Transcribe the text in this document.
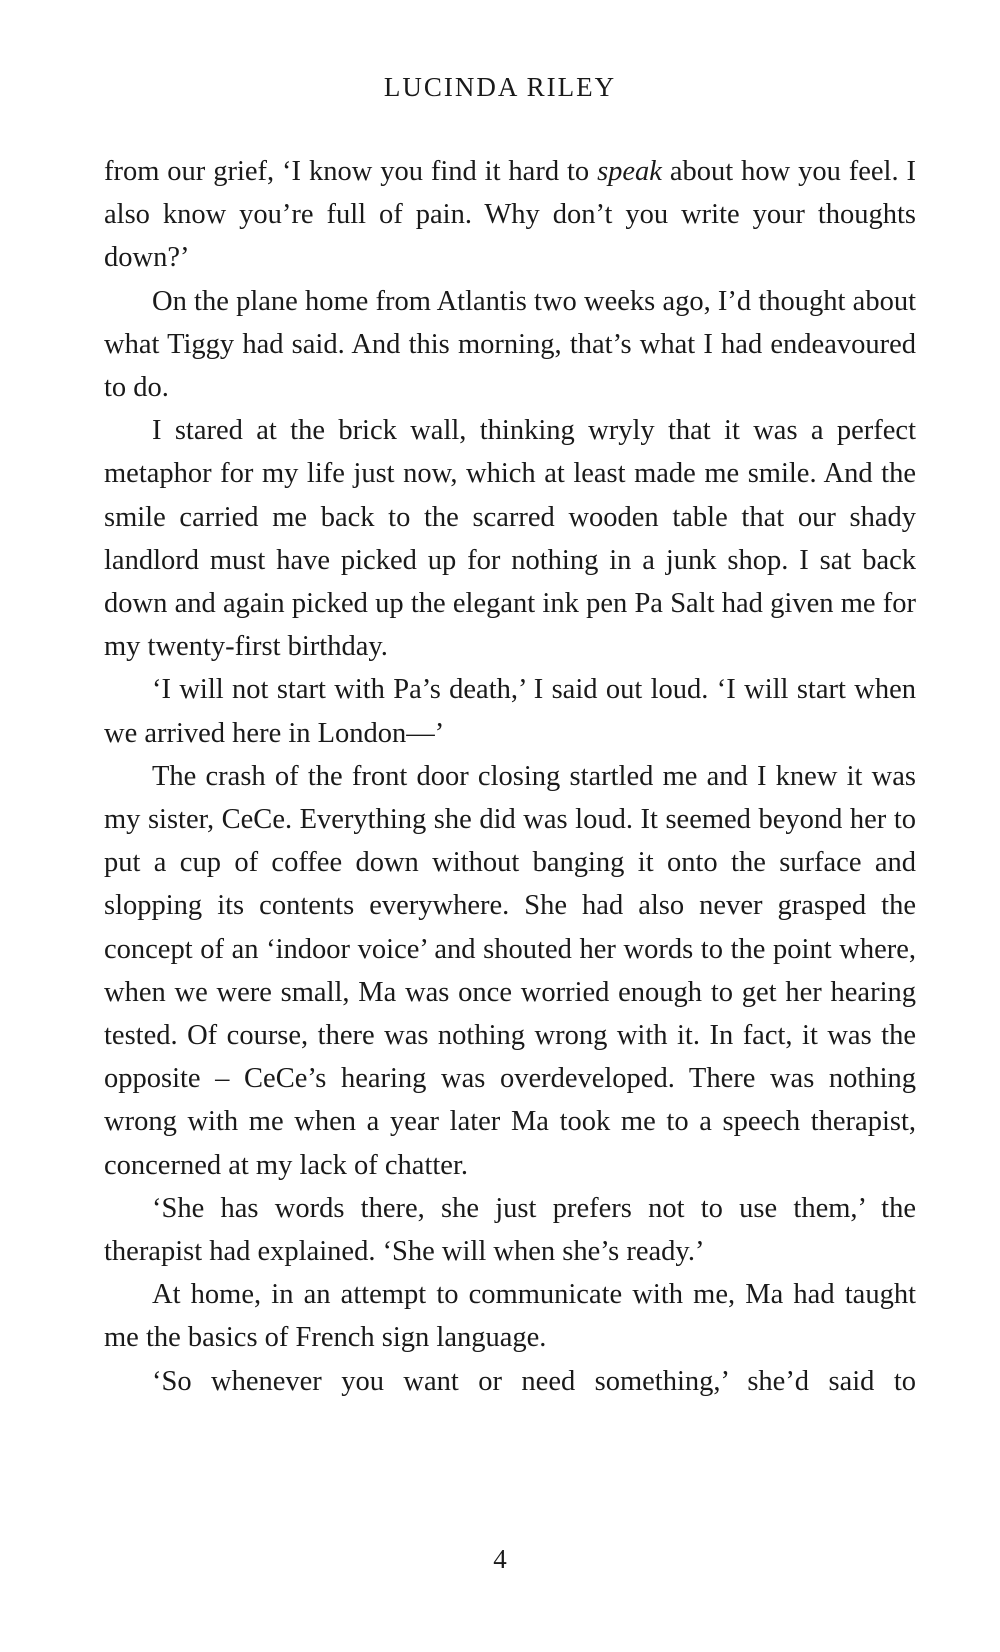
LUCINDA RILEY

from our grief, ‘I know you find it hard to speak about how you feel. I also know you’re full of pain. Why don’t you write your thoughts down?’

On the plane home from Atlantis two weeks ago, I’d thought about what Tiggy had said. And this morning, that’s what I had endeavoured to do.

I stared at the brick wall, thinking wryly that it was a perfect metaphor for my life just now, which at least made me smile. And the smile carried me back to the scarred wooden table that our shady landlord must have picked up for nothing in a junk shop. I sat back down and again picked up the elegant ink pen Pa Salt had given me for my twenty-first birthday.

‘I will not start with Pa’s death,’ I said out loud. ‘I will start when we arrived here in London—’

The crash of the front door closing startled me and I knew it was my sister, CeCe. Everything she did was loud. It seemed beyond her to put a cup of coffee down without banging it onto the surface and slopping its contents everywhere. She had also never grasped the concept of an ‘indoor voice’ and shouted her words to the point where, when we were small, Ma was once worried enough to get her hearing tested. Of course, there was nothing wrong with it. In fact, it was the opposite – CeCe’s hearing was overdeveloped. There was nothing wrong with me when a year later Ma took me to a speech therapist, concerned at my lack of chatter.

‘She has words there, she just prefers not to use them,’ the therapist had explained. ‘She will when she’s ready.’

At home, in an attempt to communicate with me, Ma had taught me the basics of French sign language.

‘So whenever you want or need something,’ she’d said to

4
